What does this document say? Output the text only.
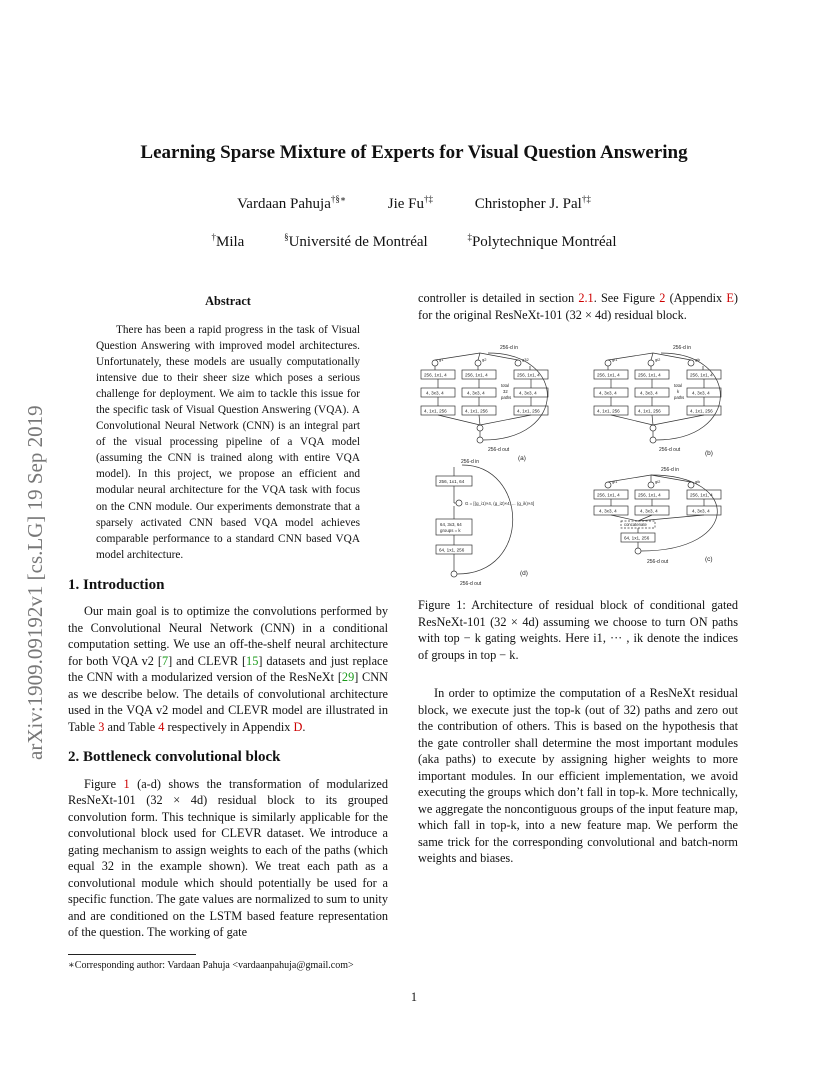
arXiv:1909.09192v1 [cs.LG] 19 Sep 2019
Learning Sparse Mixture of Experts for Visual Question Answering
Vardaan Pahuja†§∗	Jie Fu†‡	Christopher J. Pal†‡
†Mila	§Université de Montréal	‡Polytechnique Montréal
Abstract
There has been a rapid progress in the task of Visual Question Answering with improved model architectures. Unfortunately, these models are usually computationally intensive due to their sheer size which poses a serious challenge for deployment. We aim to tackle this issue for the specific task of Visual Question Answering (VQA). A Convolutional Neural Network (CNN) is an integral part of the visual processing pipeline of a VQA model (assuming the CNN is trained along with entire VQA model). In this project, we propose an efficient and modular neural architecture for the VQA task with focus on the CNN module. Our experiments demonstrate that a sparsely activated CNN based VQA model achieves comparable performance to a standard CNN based VQA model architecture.
1. Introduction

Our main goal is to optimize the convolutions performed by the Convolutional Neural Network (CNN) in a conditional computation setting. We use an off-the-shelf neural architecture for both VQA v2 [7] and CLEVR [15] datasets and just replace the CNN with a modularized version of the ResNeXt [29] CNN as we describe below. The details of convolutional architecture used in the VQA v2 model and CLEVR model are illustrated in Table 3 and Table 4 respectively in Appendix D.

2. Bottleneck convolutional block

Figure 1 (a-d) shows the transformation of modularized ResNeXt-101 (32 × 4d) residual block to its grouped convolution form. This technique is similarly applicable for the convolutional block used for CLEVR dataset. We introduce a gating mechanism to assign weights to each of the paths (which equal 32 in the example shown). We treat each path as a convolutional module which should potentially be used for a specific function. The gate values are normalized to sum to unity and are conditioned on the LSTM based feature representation of the question. The working of gate

∗Corresponding author: Vardaan Pahuja <vardaanpahuja@gmail.com>

controller is detailed in section 2.1. See Figure 2 (Appendix E) for the original ResNeXt-101 (32 × 4d) residual block.

256-d in
g1	g2	g32
256, 1x1, 4	256, 1x1, 4	256, 1x1, 4
4, 3x3, 4	4, 3x3, 4	4, 3x3, 4
total
32
paths
4, 1x1, 256	4, 1x1, 256	4, 1x1, 256
256-d out
(a)
256-d in
gi1	gi2	gik
256, 1x1, 4	256, 1x1, 4	256, 1x1, 4
4, 3x3, 4	4, 3x3, 4	4, 3x3, 4
total
k
paths
4, 1x1, 256	4, 1x1, 256	4, 1x1, 256
256-d out	(b)
256-d in
256, 1x1, 64
G = [(g_i1)×4, (g_i2)×4, ... (g_ik)×4]
64, 3x3, 64
groups = k
64, 1x1, 256
256-d out
(d)
256-d in
gi1	gi2	gik
256, 1x1, 4	256, 1x1, 4	256, 1x1, 4
4, 3x3, 4	4, 3x3, 4	4, 3x3, 4
concatenate
64, 1x1, 256
256-d out	(c)
Figure 1: Architecture of residual block of conditional gated ResNeXt-101 (32 × 4d) assuming we choose to turn ON paths with top − k gating weights. Here i1, ··· , ik denote the indices of groups in top − k.

In order to optimize the computation of a ResNeXt residual block, we execute just the top-k (out of 32) paths and zero out the contribution of others. This is based on the hypothesis that the gate controller shall determine the most important modules (aka paths) to execute by assigning higher weights to more important modules. In our efficient implementation, we avoid executing the groups which don’t fall in top-k. More technically, we aggregate the noncontiguous groups of the input feature map, which fall in top-k, into a new feature map. We perform the same trick for the corresponding convolutional and batch-norm weights and biases.

1
